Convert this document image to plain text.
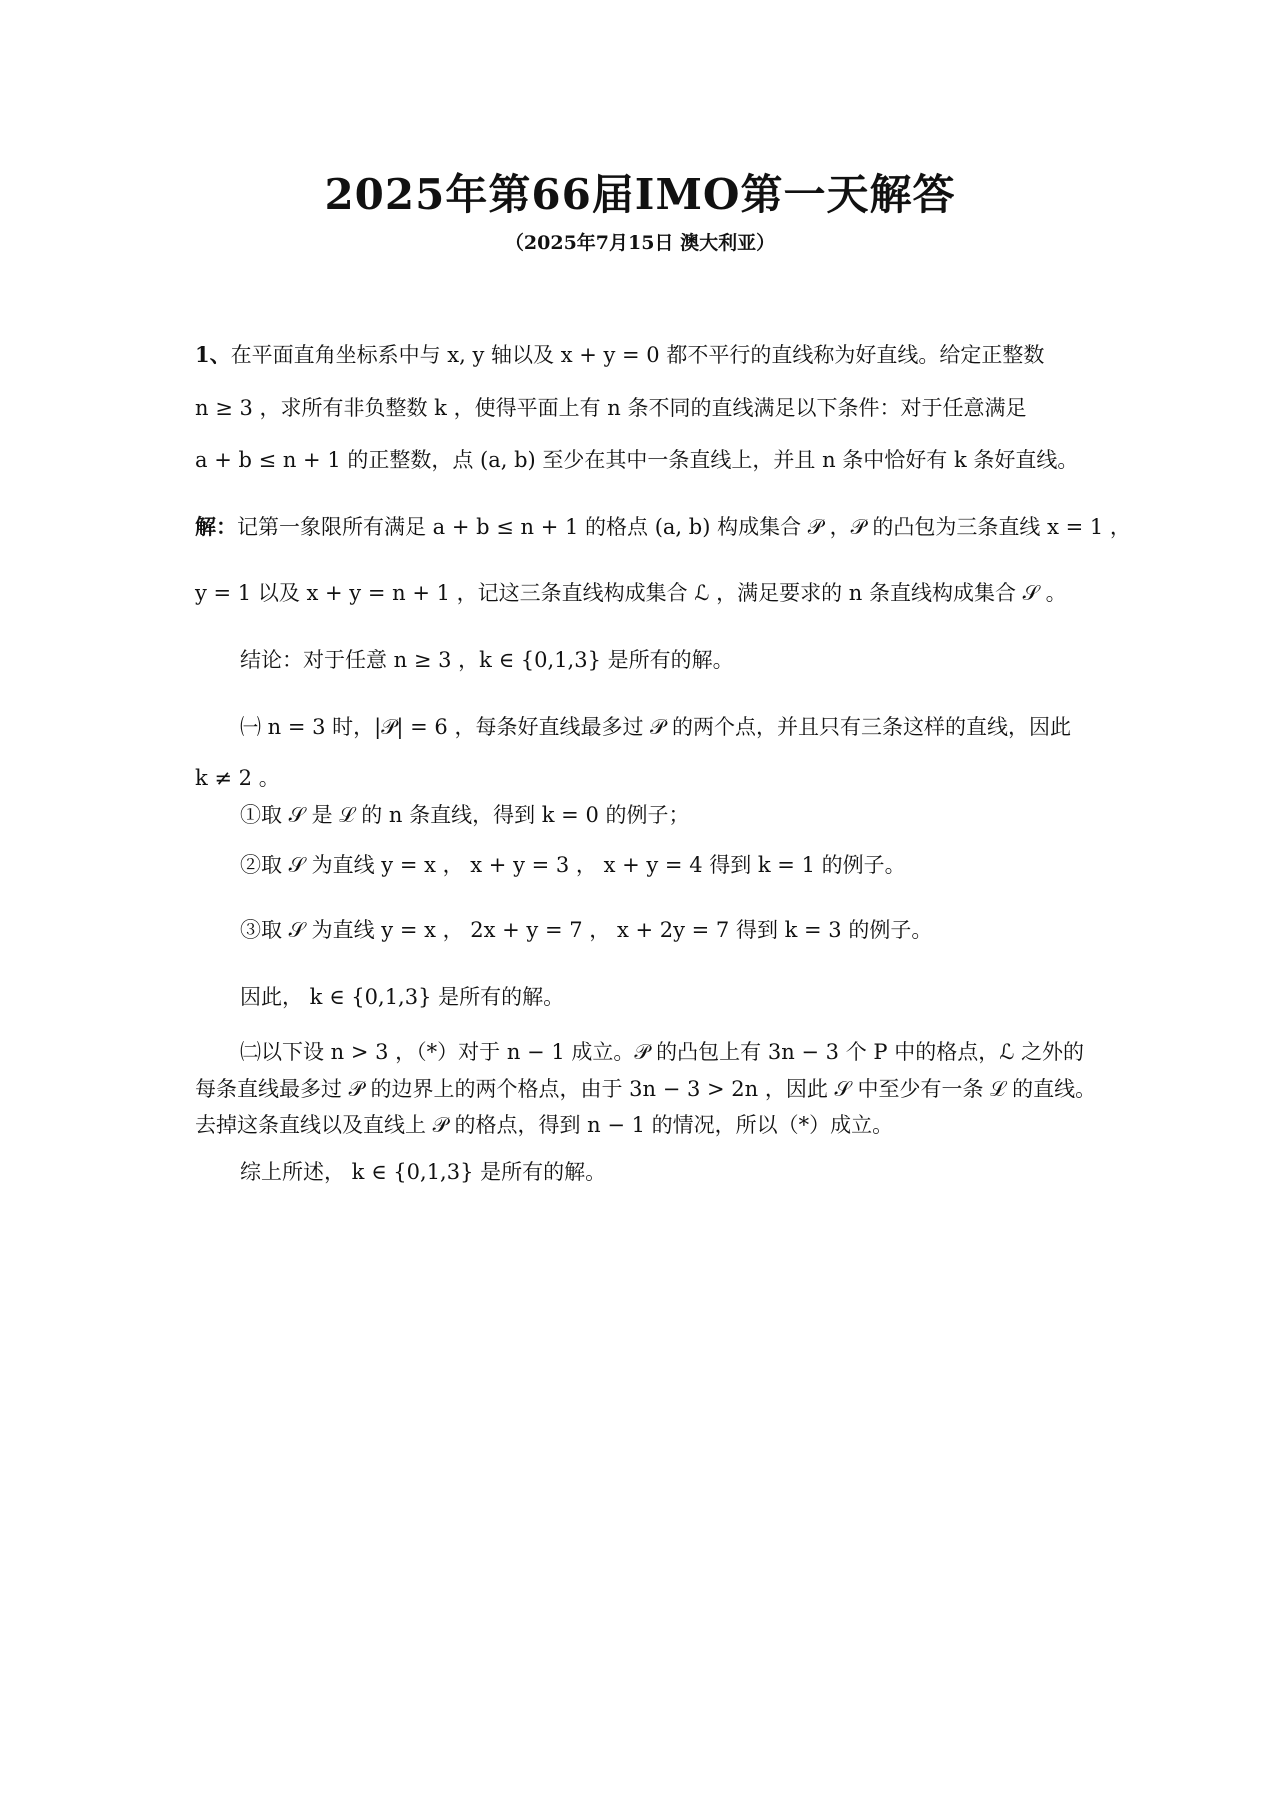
2025年第66届IMO第一天解答
（2025年7月15日 澳大利亚）
1、在平面直角坐标系中与 x, y 轴以及 x + y = 0 都不平行的直线称为好直线。给定正整数
n ≥ 3 ，求所有非负整数 k ，使得平面上有 n 条不同的直线满足以下条件：对于任意满足
a + b ≤ n + 1 的正整数，点 (a, b) 至少在其中一条直线上，并且 n 条中恰好有 k 条好直线。
解：记第一象限所有满足 a + b ≤ n + 1 的格点 (a, b) 构成集合 𝒫 ，𝒫 的凸包为三条直线 x = 1 ，
y = 1 以及 x + y = n + 1 ，记这三条直线构成集合 ℒ ，满足要求的 n 条直线构成集合 𝒮 。
结论：对于任意 n ≥ 3 ，k ∈ {0,1,3} 是所有的解。
㈠ n = 3 时，|𝒫| = 6 ，每条好直线最多过 𝒫 的两个点，并且只有三条这样的直线，因此
k ≠ 2 。
①取 𝒮 是 ℒ 的 n 条直线，得到 k = 0 的例子；
②取 𝒮 为直线 y = x ， x + y = 3 ， x + y = 4 得到 k = 1 的例子。
③取 𝒮 为直线 y = x ， 2x + y = 7 ， x + 2y = 7 得到 k = 3 的例子。
因此， k ∈ {0,1,3} 是所有的解。
㈡以下设 n > 3 ，（*）对于 n − 1 成立。𝒫 的凸包上有 3n − 3 个 P 中的格点，ℒ 之外的
每条直线最多过 𝒫 的边界上的两个格点，由于 3n − 3 > 2n ，因此 𝒮 中至少有一条 ℒ 的直线。
去掉这条直线以及直线上 𝒫 的格点，得到 n − 1 的情况，所以（*）成立。
综上所述， k ∈ {0,1,3} 是所有的解。
